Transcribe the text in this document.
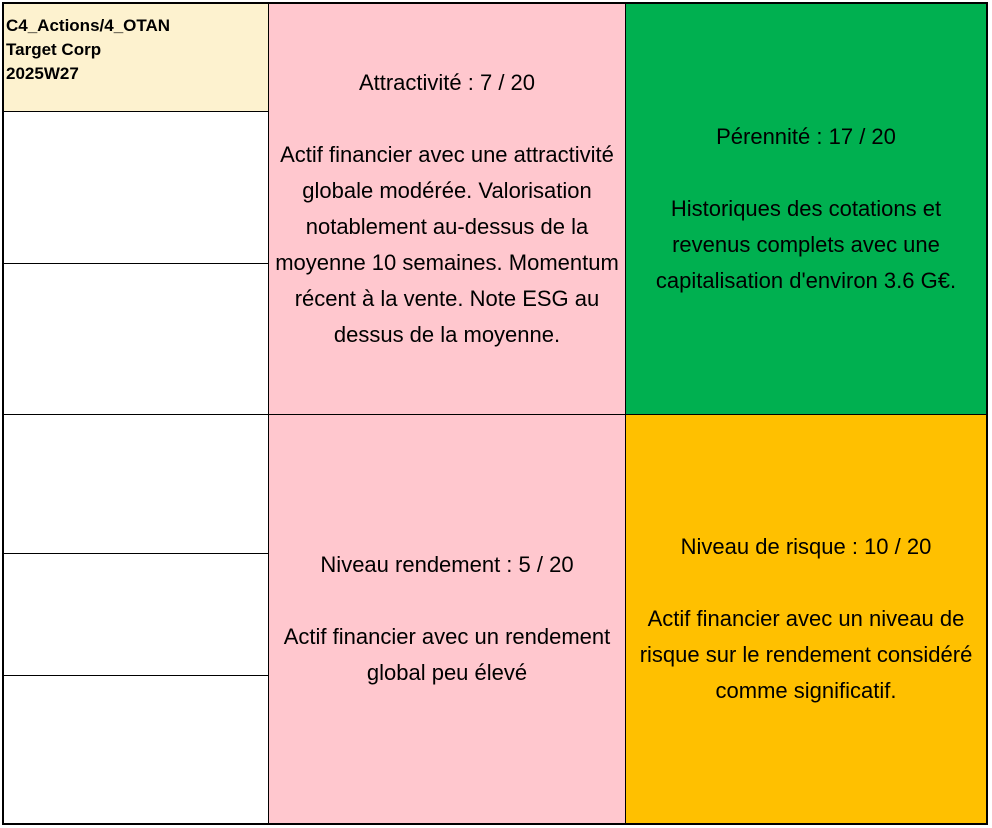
C4_Actions/4_OTAN
Target Corp
2025W27	Attractivité : 7 / 20
Actif financier avec une attractivité globale modérée. Valorisation notablement au-dessus de la moyenne 10 semaines. Momentum récent à la vente. Note ESG au dessus de la moyenne.
Pérennité : 17 / 20
Historiques des cotations et revenus complets avec une capitalisation d'environ 3.6 G€.
Niveau rendement : 5 / 20
Actif financier avec un rendement global peu élevé
Niveau de risque : 10 / 20
Actif financier avec un niveau de risque sur le rendement considéré comme significatif.
